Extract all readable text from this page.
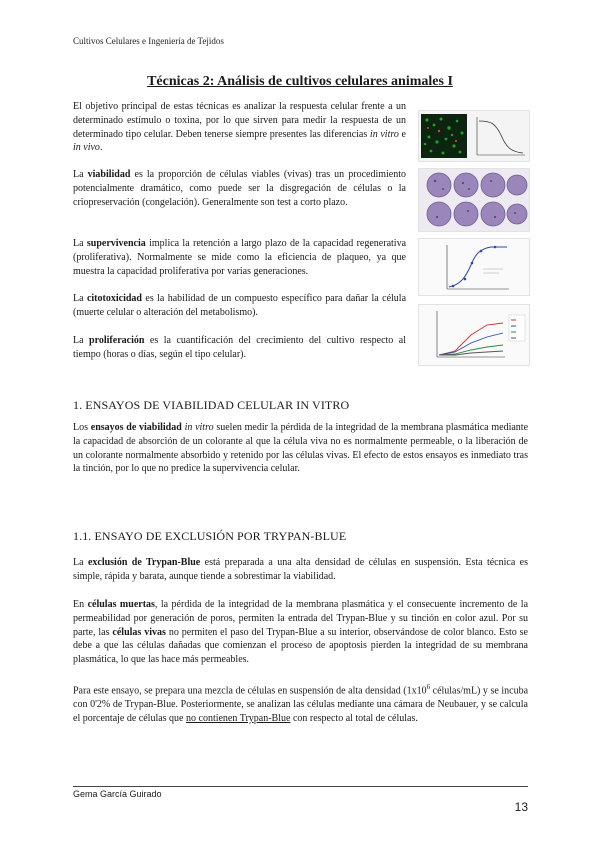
Cultivos Celulares e Ingeniería de Tejidos
Técnicas 2: Análisis de cultivos celulares animales I

El objetivo principal de estas técnicas es analizar la respuesta celular frente a un determinado estímulo o toxina, por lo que sirven para medir la respuesta de un determinado tipo celular. Deben tenerse siempre presentes las diferencias in vitro e in vivo.

La viabilidad es la proporción de células viables (vivas) tras un procedimiento potencialmente dramático, como puede ser la disgregación de células o la criopreservación (congelación). Generalmente son test a corto plazo.

La supervivencia implica la retención a largo plazo de la capacidad regenerativa (proliferativa). Normalmente se mide como la eficiencia de plaqueo, ya que muestra la capacidad proliferativa por varias generaciones.

La citotoxicidad es la habilidad de un compuesto específico para dañar la célula (muerte celular o alteración del metabolismo).

La proliferación es la cuantificación del crecimiento del cultivo respecto al tiempo (horas o días, según el tipo celular).

1. ENSAYOS DE VIABILIDAD CELULAR IN VITRO

Los ensayos de viabilidad in vitro suelen medir la pérdida de la integridad de la membrana plasmática mediante la capacidad de absorción de un colorante al que la célula viva no es normalmente permeable, o la liberación de un colorante normalmente absorbido y retenido por las células vivas. El efecto de estos ensayos es inmediato tras la tinción, por lo que no predice la supervivencia celular.

1.1. ENSAYO DE EXCLUSIÓN POR TRYPAN-BLUE

La exclusión de Trypan-Blue está preparada a una alta densidad de células en suspensión. Esta técnica es simple, rápida y barata, aunque tiende a sobrestimar la viabilidad.

En células muertas, la pérdida de la integridad de la membrana plasmática y el consecuente incremento de la permeabilidad por generación de poros, permiten la entrada del Trypan-Blue y su tinción en color azul. Por su parte, las células vivas no permiten el paso del Trypan-Blue a su interior, observándose de color blanco. Esto se debe a que las células dañadas que comienzan el proceso de apoptosis pierden la integridad de su membrana plasmática, lo que las hace más permeables.

Para este ensayo, se prepara una mezcla de células en suspensión de alta densidad ($1x10^6$ células/mL) y se incuba con 0'2% de Trypan-Blue. Posteriormente, se analizan las células mediante una cámara de Neubauer, y se calcula el porcentaje de células que no contienen Trypan-Blue con respecto al total de células.

Gema García Guirado
13
